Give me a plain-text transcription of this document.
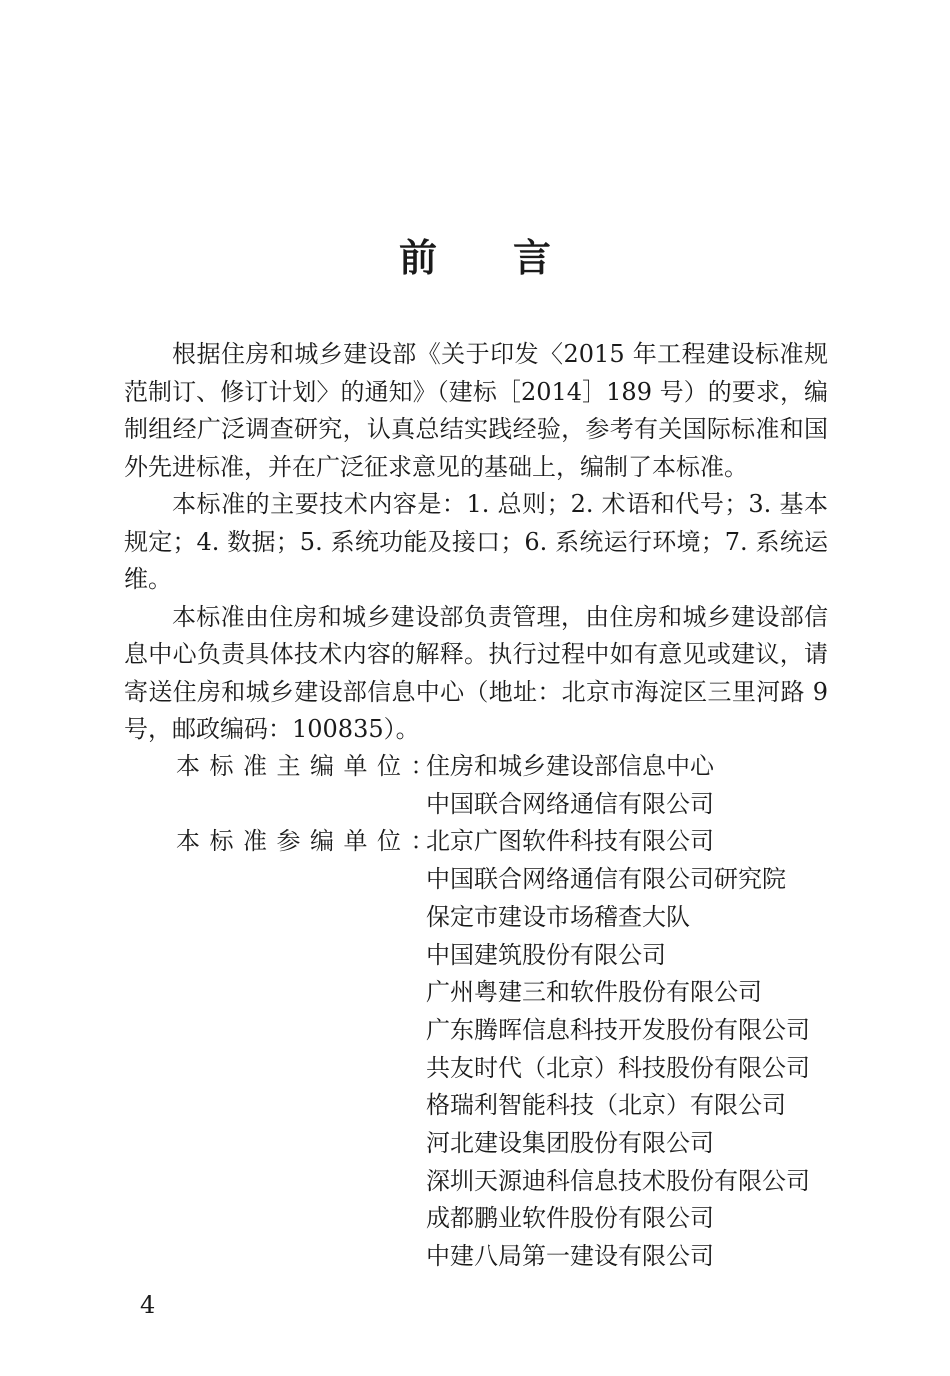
前 言

根据住房和城乡建设部《关于印发〈2015 年工程建设标准规范制订、修订计划〉的通知》（建标［2014］189 号）的要求，编制组经广泛调查研究，认真总结实践经验，参考有关国际标准和国外先进标准，并在广泛征求意见的基础上，编制了本标准。

本标准的主要技术内容是：1. 总则；2. 术语和代号；3. 基本规定；4. 数据；5. 系统功能及接口；6. 系统运行环境；7. 系统运维。

本标准由住房和城乡建设部负责管理，由住房和城乡建设部信息中心负责具体技术内容的解释。执行过程中如有意见或建议，请寄送住房和城乡建设部信息中心（地址：北京市海淀区三里河路 9 号，邮政编码：100835）。

本标准主编单位：
住房和城乡建设部信息中心
中国联合网络通信有限公司
本标准参编单位：
北京广图软件科技有限公司
中国联合网络通信有限公司研究院
保定市建设市场稽查大队
中国建筑股份有限公司
广州粤建三和软件股份有限公司
广东腾晖信息科技开发股份有限公司
共友时代（北京）科技股份有限公司
格瑞利智能科技（北京）有限公司
河北建设集团股份有限公司
深圳天源迪科信息技术股份有限公司
成都鹏业软件股份有限公司
中建八局第一建设有限公司
4
